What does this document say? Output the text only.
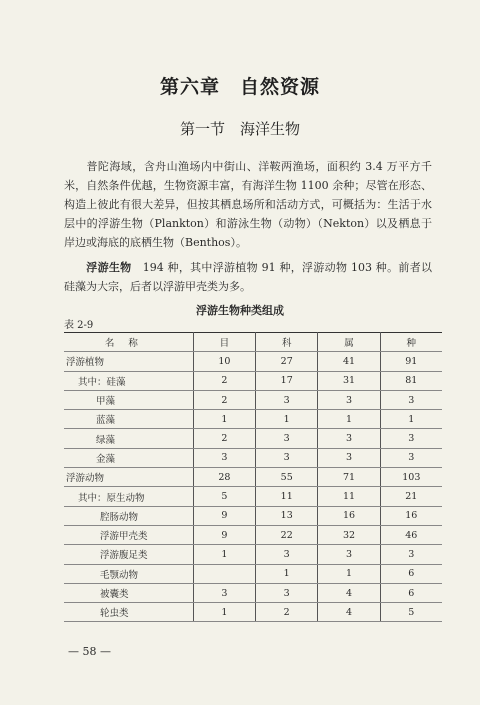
第六章　自然资源
第一节　海洋生物

普陀海域，含舟山渔场内中街山、洋鞍两渔场，面积约 3.4 万平方千米，自然条件优越，生物资源丰富，有海洋生物 1100 余种；尽管在形态、构造上彼此有很大差异，但按其栖息场所和活动方式，可概括为：生活于水层中的浮游生物（Plankton）和游泳生物（动物）（Nekton）以及栖息于岸边或海底的底栖生物（Benthos）。

浮游生物　194 种，其中浮游植物 91 种，浮游动物 103 种。前者以硅藻为大宗，后者以浮游甲壳类为多。

浮游生物种类组成
表 2-9
名称	目	科	属	种
浮游植物	10	27	41	91
其中：硅藻	2	17	31	81
甲藻	2	3	3	3
蓝藻	1	1	1	1
绿藻	2	3	3	3
金藻	3	3	3	3
浮游动物	28	55	71	103
其中：原生动物	5	11	11	21
腔肠动物	9	13	16	16
浮游甲壳类	9	22	32	46
浮游腹足类	1	3	3	3
毛颚动物		1	1	6
被囊类	3	3	4	6
轮虫类	1	2	4	5
— 58 —
